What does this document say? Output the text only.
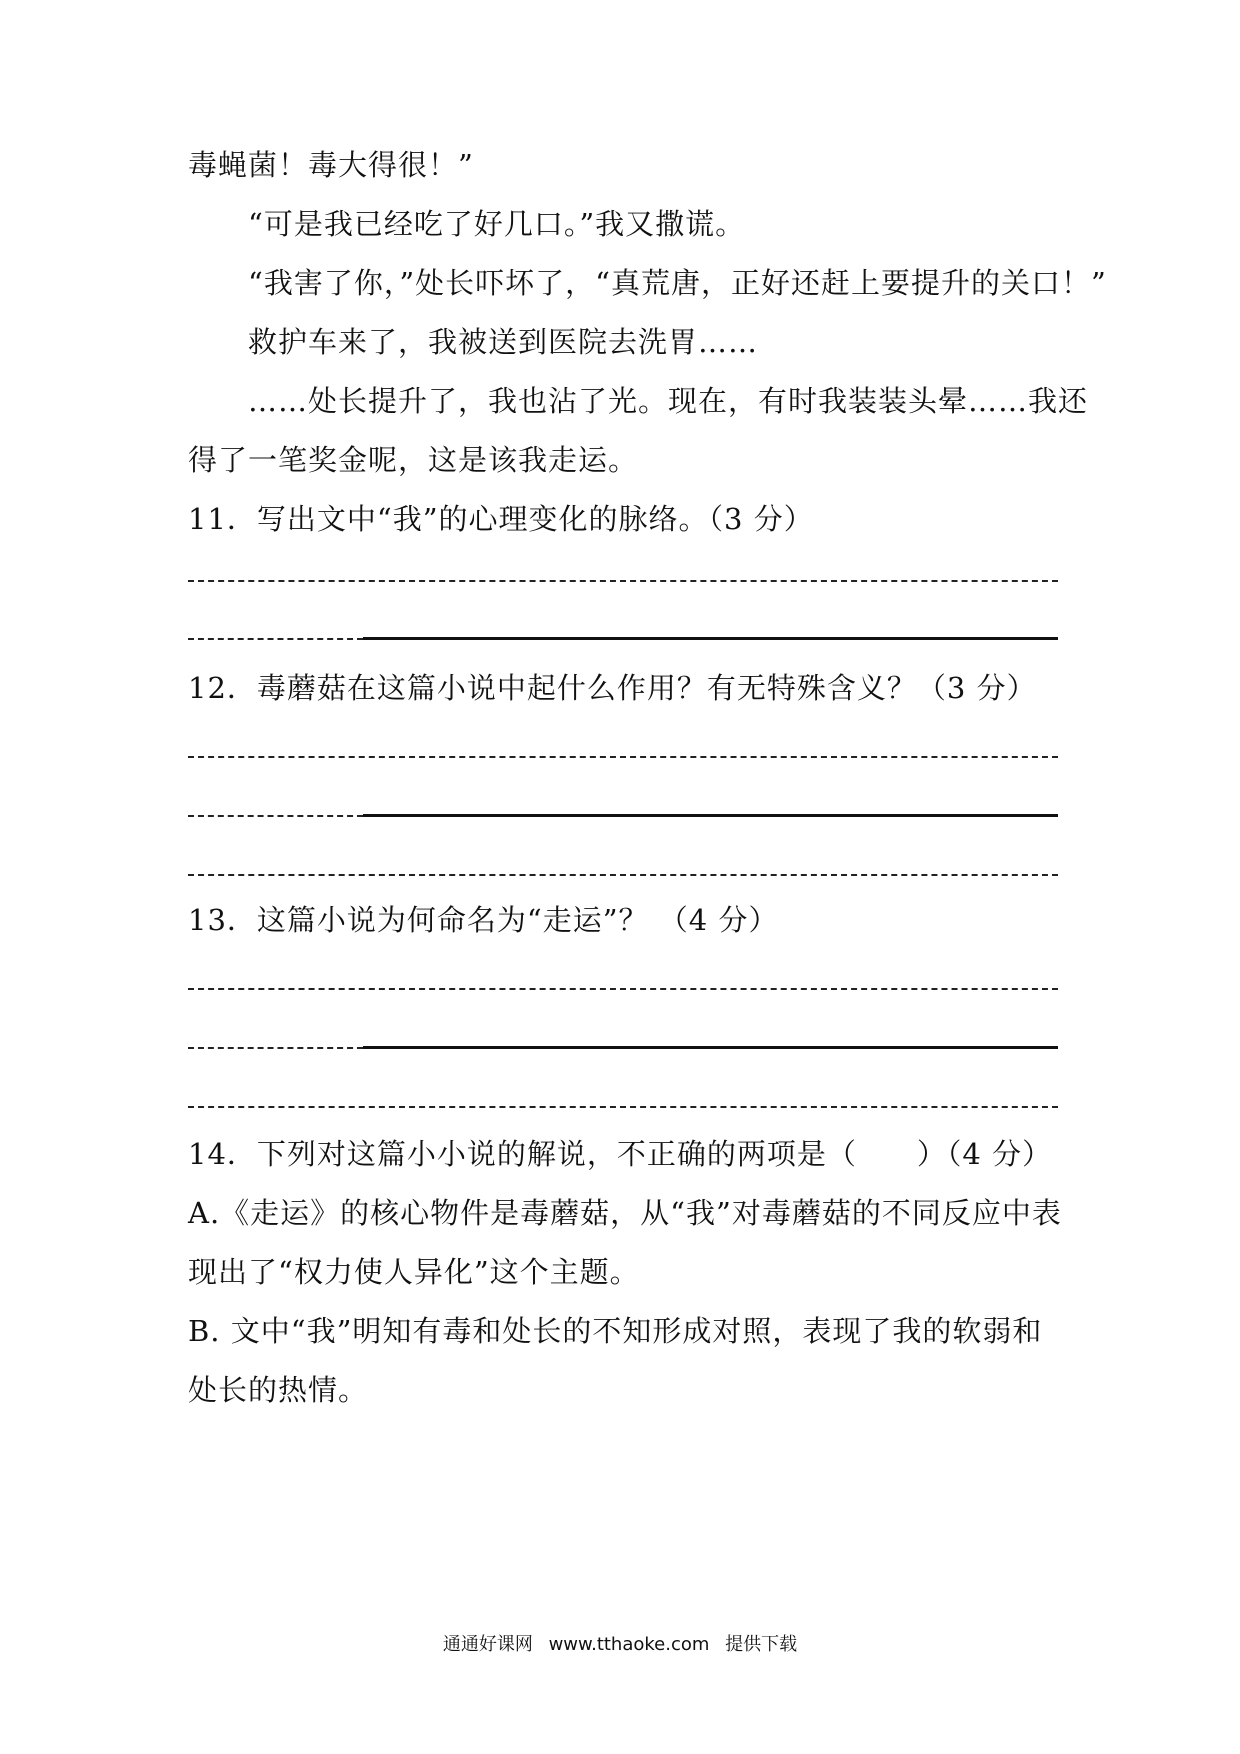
毒蝇菌！毒大得很！”
“可是我已经吃了好几口。”我又撒谎。
“我害了你，”处长吓坏了，“真荒唐，正好还赶上要提升的关口！”
救护车来了，我被送到医院去洗胃……
……处长提升了，我也沾了光。现在，有时我装装头晕……我还
得了一笔奖金呢，这是该我走运。
11．写出文中“我”的心理变化的脉络。（3 分）
12．毒蘑菇在这篇小说中起什么作用？有无特殊含义？（3 分）
13．这篇小说为何命名为“走运”？ （4 分）
14．下列对这篇小小说的解说，不正确的两项是（　　）（4 分）
A.《走运》的核心物件是毒蘑菇，从“我”对毒蘑菇的不同反应中表
现出了“权力使人异化”这个主题。
B. 文中“我”明知有毒和处长的不知形成对照，表现了我的软弱和
处长的热情。
通通好课网 www.tthaoke.com 提供下载
